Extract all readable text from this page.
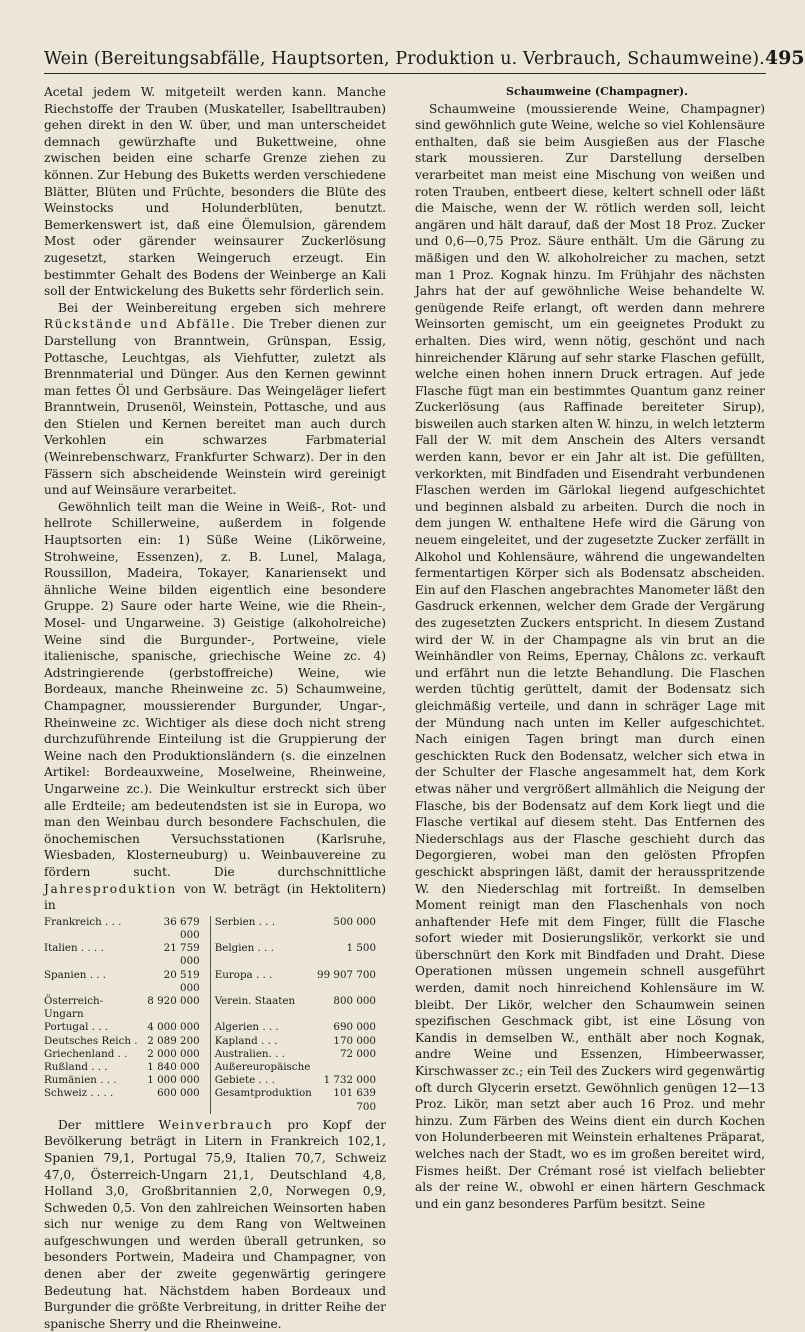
Wein (Bereitungsabfälle, Hauptsorten, Produktion u. Verbrauch, Schaumweine). 495

Acetal jedem W. mitgeteilt werden kann. Manche Riechstoffe der Trauben (Muskateller, Isabelltrauben) gehen direkt in den W. über, und man unterscheidet demnach gewürzhafte und Bukettweine, ohne zwischen beiden eine scharfe Grenze ziehen zu können. Zur Hebung des Buketts werden verschiedene Blätter, Blüten und Früchte, besonders die Blüte des Weinstocks und Holunderblüten, benutzt. Bemerkenswert ist, daß eine Ölemulsion, gärendem Most oder gärender weinsaurer Zuckerlösung zugesetzt, starken Weingeruch erzeugt. Ein bestimmter Gehalt des Bodens der Weinberge an Kali soll der Entwickelung des Buketts sehr förderlich sein.

Bei der Weinbereitung ergeben sich mehrere Rückstände und Abfälle. Die Treber dienen zur Darstellung von Branntwein, Grünspan, Essig, Pottasche, Leuchtgas, als Viehfutter, zuletzt als Brennmaterial und Dünger. Aus den Kernen gewinnt man fettes Öl und Gerbsäure. Das Weingeläger liefert Branntwein, Drusenöl, Weinstein, Pottasche, und aus den Stielen und Kernen bereitet man auch durch Verkohlen ein schwarzes Farbmaterial (Weinrebenschwarz, Frankfurter Schwarz). Der in den Fässern sich abscheidende Weinstein wird gereinigt und auf Weinsäure verarbeitet.

Gewöhnlich teilt man die Weine in Weiß-, Rot- und hellrote Schillerweine, außerdem in folgende Hauptsorten ein: 1) Süße Weine (Likörweine, Strohweine, Essenzen), z. B. Lunel, Malaga, Roussillon, Madeira, Tokayer, Kanariensekt und ähnliche Weine bilden eigentlich eine besondere Gruppe. 2) Saure oder harte Weine, wie die Rhein-, Mosel- und Ungarweine. 3) Geistige (alkoholreiche) Weine sind die Burgunder-, Portweine, viele italienische, spanische, griechische Weine zc. 4) Adstringierende (gerbstoffreiche) Weine, wie Bordeaux, manche Rheinweine zc. 5) Schaumweine, Champagner, moussierender Burgunder, Ungar-, Rheinweine zc. Wichtiger als diese doch nicht streng durchzuführende Einteilung ist die Gruppierung der Weine nach den Produktionsländern (s. die einzelnen Artikel: Bordeauxweine, Moselweine, Rheinweine, Ungarweine zc.). Die Weinkultur erstreckt sich über alle Erdteile; am bedeutendsten ist sie in Europa, wo man den Weinbau durch besondere Fachschulen, die önochemischen Versuchsstationen (Karlsruhe, Wiesbaden, Klosterneuburg) u. Weinbauvereine zu fördern sucht. Die durchschnittliche Jahresproduktion von W. beträgt (in Hektolitern) in

Frankreich . . .	36 679 000	Serbien . . .	500 000
Italien . . . .	21 759 000	Belgien . . .	1 500
Spanien . . .	20 519 000	Europa . . .	99 907 700
Österreich-Ungarn	8 920 000	Verein. Staaten	800 000
Portugal . . .	4 000 000	Algerien . . .	690 000
Deutsches Reich .	2 089 200	Kapland . . .	170 000
Griechenland . .	2 000 000	Australien. . .	72 000
Rußland . . .	1 840 000	Außereuropäische	
Rumänien . . .	1 000 000	Gebiete . . .	1 732 000
Schweiz . . . .	600 000	Gesamtproduktion	101 639 700

Der mittlere Weinverbrauch pro Kopf der Bevölkerung beträgt in Litern in Frankreich 102,1, Spanien 79,1, Portugal 75,9, Italien 70,7, Schweiz 47,0, Österreich-Ungarn 21,1, Deutschland 4,8, Holland 3,0, Großbritannien 2,0, Norwegen 0,9, Schweden 0,5. Von den zahlreichen Weinsorten haben sich nur wenige zu dem Rang von Weltweinen aufgeschwungen und werden überall getrunken, so besonders Portwein, Madeira und Champagner, von denen aber der zweite gegenwärtig geringere Bedeutung hat. Nächstdem haben Bordeaux und Burgunder die größte Verbreitung, in dritter Reihe der spanische Sherry und die Rheinweine.

Schaumweine (Champagner).

Schaumweine (moussierende Weine, Champagner) sind gewöhnlich gute Weine, welche so viel Kohlensäure enthalten, daß sie beim Ausgießen aus der Flasche stark moussieren. Zur Darstellung derselben verarbeitet man meist eine Mischung von weißen und roten Trauben, entbeert diese, keltert schnell oder läßt die Maische, wenn der W. rötlich werden soll, leicht angären und hält darauf, daß der Most 18 Proz. Zucker und 0,6—0,75 Proz. Säure enthält. Um die Gärung zu mäßigen und den W. alkoholreicher zu machen, setzt man 1 Proz. Kognak hinzu. Im Frühjahr des nächsten Jahrs hat der auf gewöhnliche Weise behandelte W. genügende Reife erlangt, oft werden dann mehrere Weinsorten gemischt, um ein geeignetes Produkt zu erhalten. Dies wird, wenn nötig, geschönt und nach hinreichender Klärung auf sehr starke Flaschen gefüllt, welche einen hohen innern Druck ertragen. Auf jede Flasche fügt man ein bestimmtes Quantum ganz reiner Zuckerlösung (aus Raffinade bereiteter Sirup), bisweilen auch starken alten W. hinzu, in welch letzterm Fall der W. mit dem Anschein des Alters versandt werden kann, bevor er ein Jahr alt ist. Die gefüllten, verkorkten, mit Bindfaden und Eisendraht verbundenen Flaschen werden im Gärlokal liegend aufgeschichtet und beginnen alsbald zu arbeiten. Durch die noch in dem jungen W. enthaltene Hefe wird die Gärung von neuem eingeleitet, und der zugesetzte Zucker zerfällt in Alkohol und Kohlensäure, während die ungewandelten fermentartigen Körper sich als Bodensatz abscheiden. Ein auf den Flaschen angebrachtes Manometer läßt den Gasdruck erkennen, welcher dem Grade der Vergärung des zugesetzten Zuckers entspricht. In diesem Zustand wird der W. in der Champagne als vin brut an die Weinhändler von Reims, Epernay, Châlons zc. verkauft und erfährt nun die letzte Behandlung. Die Flaschen werden tüchtig gerüttelt, damit der Bodensatz sich gleichmäßig verteile, und dann in schräger Lage mit der Mündung nach unten im Keller aufgeschichtet. Nach einigen Tagen bringt man durch einen geschickten Ruck den Bodensatz, welcher sich etwa in der Schulter der Flasche angesammelt hat, dem Kork etwas näher und vergrößert allmählich die Neigung der Flasche, bis der Bodensatz auf dem Kork liegt und die Flasche vertikal auf diesem steht. Das Entfernen des Niederschlags aus der Flasche geschieht durch das Degorgieren, wobei man den gelösten Pfropfen geschickt abspringen läßt, damit der herausspritzende W. den Niederschlag mit fortreißt. In demselben Moment reinigt man den Flaschenhals von noch anhaftender Hefe mit dem Finger, füllt die Flasche sofort wieder mit Dosierungslikör, verkorkt sie und überschnürt den Kork mit Bindfaden und Draht. Diese Operationen müssen ungemein schnell ausgeführt werden, damit noch hinreichend Kohlensäure im W. bleibt. Der Likör, welcher den Schaumwein seinen spezifischen Geschmack gibt, ist eine Lösung von Kandis in demselben W., enthält aber noch Kognak, andre Weine und Essenzen, Himbeerwasser, Kirschwasser zc.; ein Teil des Zuckers wird gegenwärtig oft durch Glycerin ersetzt. Gewöhnlich genügen 12—13 Proz. Likör, man setzt aber auch 16 Proz. und mehr hinzu. Zum Färben des Weins dient ein durch Kochen von Holunderbeeren mit Weinstein erhaltenes Präparat, welches nach der Stadt, wo es im großen bereitet wird, Fismes heißt. Der Crémant rosé ist vielfach beliebter als der reine W., obwohl er einen härtern Geschmack und ein ganz besonderes Parfüm besitzt. Seine
